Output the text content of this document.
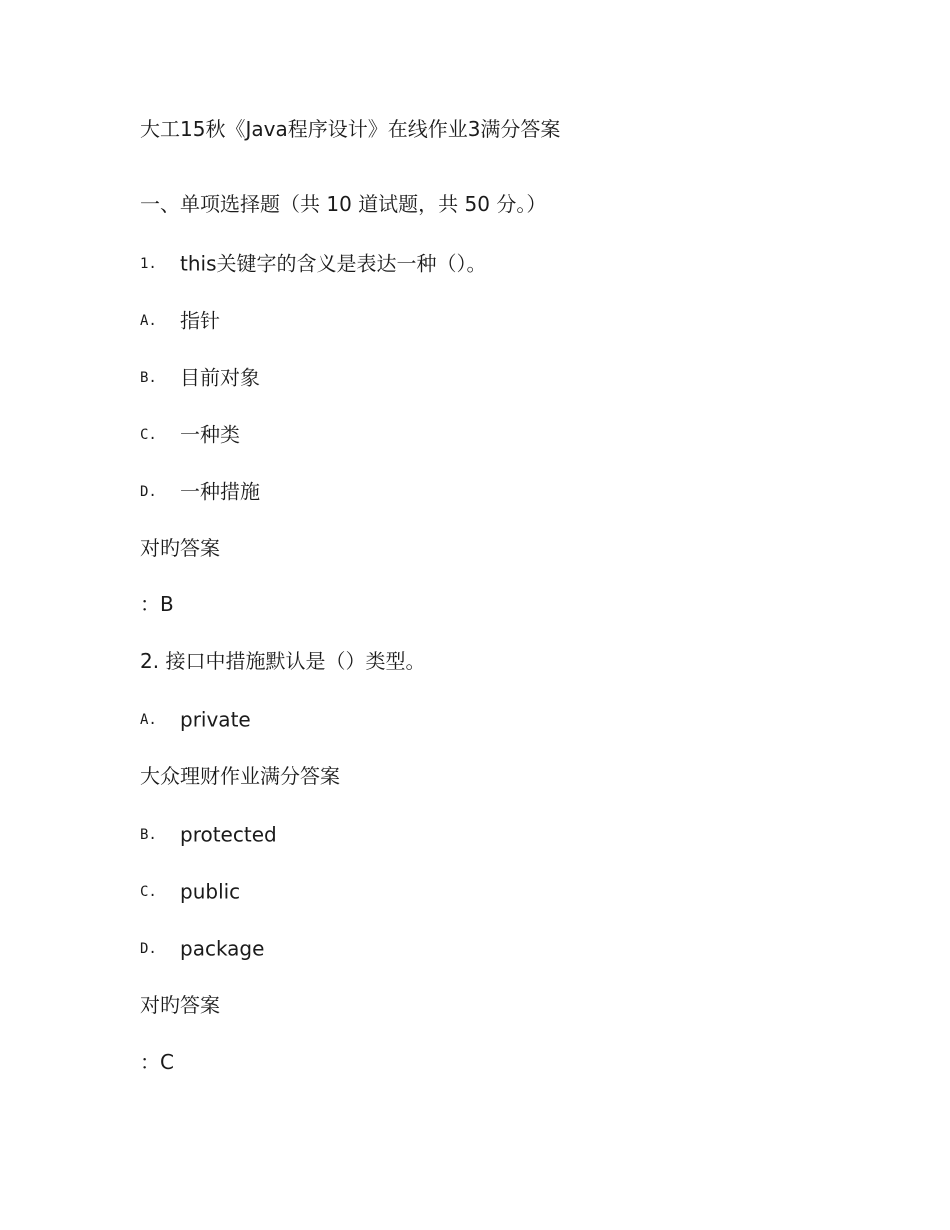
大工15秋《Java程序设计》在线作业3满分答案
一、单项选择题（共 10 道试题，共 50 分。）
1. this关键字的含义是表达一种（）。
A. 指针
B. 目前对象
C. 一种类
D. 一种措施
对旳答案
：B
2. 接口中措施默认是（）类型。
A. private
大众理财作业满分答案
B. protected
C. public
D. package
对旳答案
：C
